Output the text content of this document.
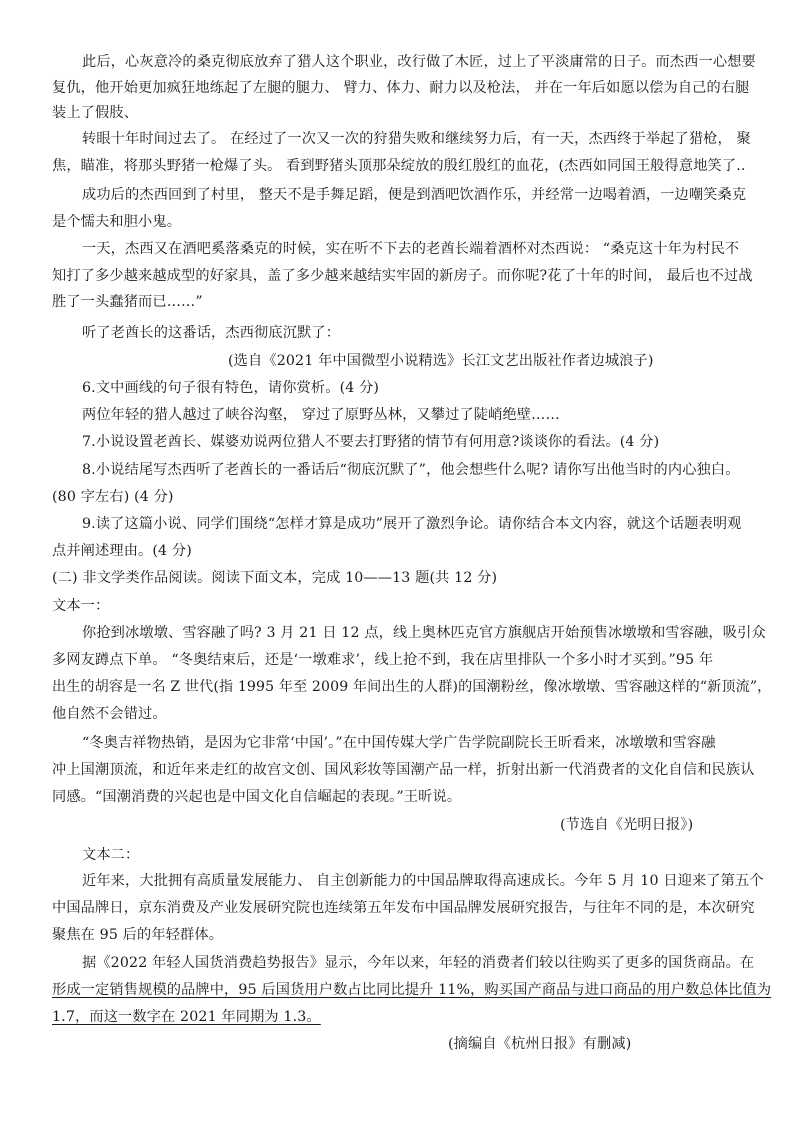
此后，心灰意冷的桑克彻底放弃了猎人这个职业，改行做了木匠，过上了平淡庸常的日子。而杰西一心想要
复仇，他开始更加疯狂地练起了左腿的腿力、 臂力、体力、耐力以及枪法， 并在一年后如愿以偿为自己的右腿
装上了假肢、
转眼十年时间过去了。 在经过了一次又一次的狩猎失败和继续努力后，有一天，杰西终于举起了猎枪， 聚
焦，瞄准，将那头野猪一枪爆了头。 看到野猪头顶那朵绽放的殷红殷红的血花，(杰西如同国王般得意地笑了..
成功后的杰西回到了村里， 整天不是手舞足蹈，便是到酒吧饮酒作乐，并经常一边喝着酒，一边嘲笑桑克
是个懦夫和胆小鬼。
一天，杰西又在酒吧奚落桑克的时候，实在听不下去的老酋长端着酒杯对杰西说： “桑克这十年为村民不
知打了多少越来越成型的好家具，盖了多少越来越结实牢固的新房子。而你呢?花了十年的时间， 最后也不过战
胜了一头蠢猪而已……”
听了老酋长的这番话，杰西彻底沉默了：
(选自《2021 年中国微型小说精选》长江文艺出版社作者边城浪子)
6.文中画线的句子很有特色，请你赏析。(4 分)
两位年轻的猎人越过了峡谷沟壑， 穿过了原野丛林，又攀过了陡峭绝壁……
7.小说设置老酋长、媒婆劝说两位猎人不要去打野猪的情节有何用意?谈谈你的看法。(4 分)
8.小说结尾写杰西听了老酋长的一番话后“彻底沉默了”，他会想些什么呢? 请你写出他当时的内心独白。
(80 字左右) (4 分)
9.读了这篇小说、同学们围绕“怎样才算是成功”展开了激烈争论。请你结合本文内容，就这个话题表明观
点并阐述理由。(4 分)
(二) 非文学类作品阅读。阅读下面文本，完成 10——13 题(共 12 分)
文本一：
你抢到冰墩墩、雪容融了吗? 3 月 21 日 12 点，线上奥林匹克官方旗舰店开始预售冰墩墩和雪容融，吸引众
多网友蹲点下单。 “冬奥结束后，还是‘一墩难求’，线上抢不到，我在店里排队一个多小时才买到。”95 年
出生的胡容是一名 Z 世代(指 1995 年至 2009 年间出生的人群)的国潮粉丝，像冰墩墩、雪容融这样的“新顶流”，
他自然不会错过。
“冬奥吉祥物热销，是因为它非常‘中国’。”在中国传媒大学广告学院副院长王昕看来，冰墩墩和雪容融
冲上国潮顶流，和近年来走红的故宫文创、国风彩妆等国潮产品一样，折射出新一代消费者的文化自信和民族认
同感。“国潮消费的兴起也是中国文化自信崛起的表现。”王昕说。
(节选自《光明日报》)
文本二：
近年来，大批拥有高质量发展能力、 自主创新能力的中国品牌取得高速成长。今年 5 月 10 日迎来了第五个
中国品牌日，京东消费及产业发展研究院也连续第五年发布中国品牌发展研究报告，与往年不同的是，本次研究
聚焦在 95 后的年轻群体。
据《2022 年轻人国货消费趋势报告》显示，今年以来，年轻的消费者们较以往购买了更多的国货商品。在
形成一定销售规模的品牌中，95 后国货用户数占比同比提升 11%，购买国产商品与进口商品的用户数总体比值为
1.7，而这一数字在 2021 年同期为 1.3。
(摘编自《杭州日报》有删减)
